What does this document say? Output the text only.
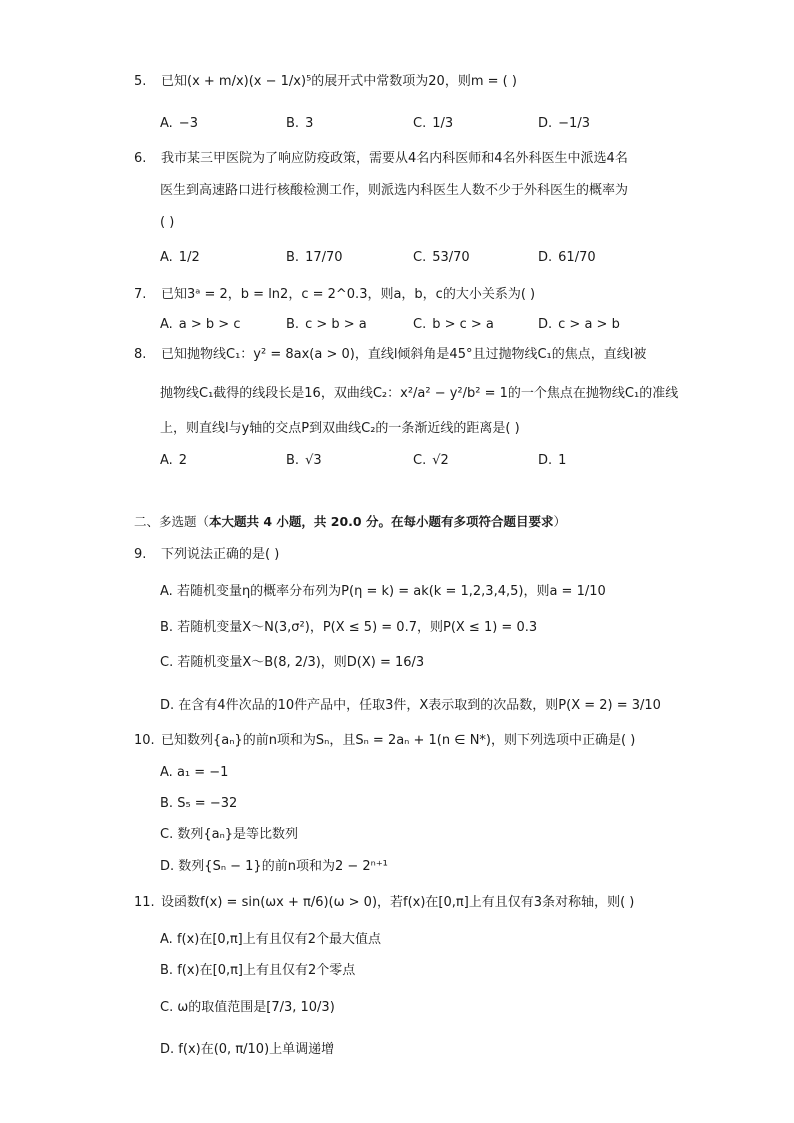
5. 已知(x + m/x)(x − 1/x)⁵的展开式中常数项为20，则m = ( )
A. −3	B. 3	C. 1/3	D. −1/3
6. 我市某三甲医院为了响应防疫政策，需要从4名内科医师和4名外科医生中派选4名
医生到高速路口进行核酸检测工作，则派选内科医生人数不少于外科医生的概率为
( )
A. 1/2	B. 17/70	C. 53/70	D. 61/70
7. 已知3ᵃ = 2，b = ln2，c = 2^0.3，则a，b，c的大小关系为( )
A. a > b > c	B. c > b > a	C. b > c > a	D. c > a > b
8. 已知抛物线C₁：y² = 8ax(a > 0)，直线l倾斜角是45°且过抛物线C₁的焦点，直线l被
抛物线C₁截得的线段长是16，双曲线C₂：x²/a² − y²/b² = 1的一个焦点在抛物线C₁的准线
上，则直线l与y轴的交点P到双曲线C₂的一条渐近线的距离是( )
A. 2	B. √3	C. √2	D. 1
二、多选题（本大题共 4 小题，共 20.0 分。在每小题有多项符合题目要求）
9. 下列说法正确的是( )
A. 若随机变量η的概率分布列为P(η = k) = ak(k = 1,2,3,4,5)，则a = 1/10
B. 若随机变量X～N(3,σ²)，P(X ≤ 5) = 0.7，则P(X ≤ 1) = 0.3
C. 若随机变量X～B(8, 2/3)，则D(X) = 16/3
D. 在含有4件次品的10件产品中，任取3件，X表示取到的次品数，则P(X = 2) = 3/10
10. 已知数列{aₙ}的前n项和为Sₙ，且Sₙ = 2aₙ + 1(n ∈ N*)，则下列选项中正确是( )
A. a₁ = −1
B. S₅ = −32
C. 数列{aₙ}是等比数列
D. 数列{Sₙ − 1}的前n项和为2 − 2ⁿ⁺¹
11. 设函数f(x) = sin(ωx + π/6)(ω > 0)，若f(x)在[0,π]上有且仅有3条对称轴，则( )
A. f(x)在[0,π]上有且仅有2个最大值点
B. f(x)在[0,π]上有且仅有2个零点
C. ω的取值范围是[7/3, 10/3)
D. f(x)在(0, π/10)上单调递增
